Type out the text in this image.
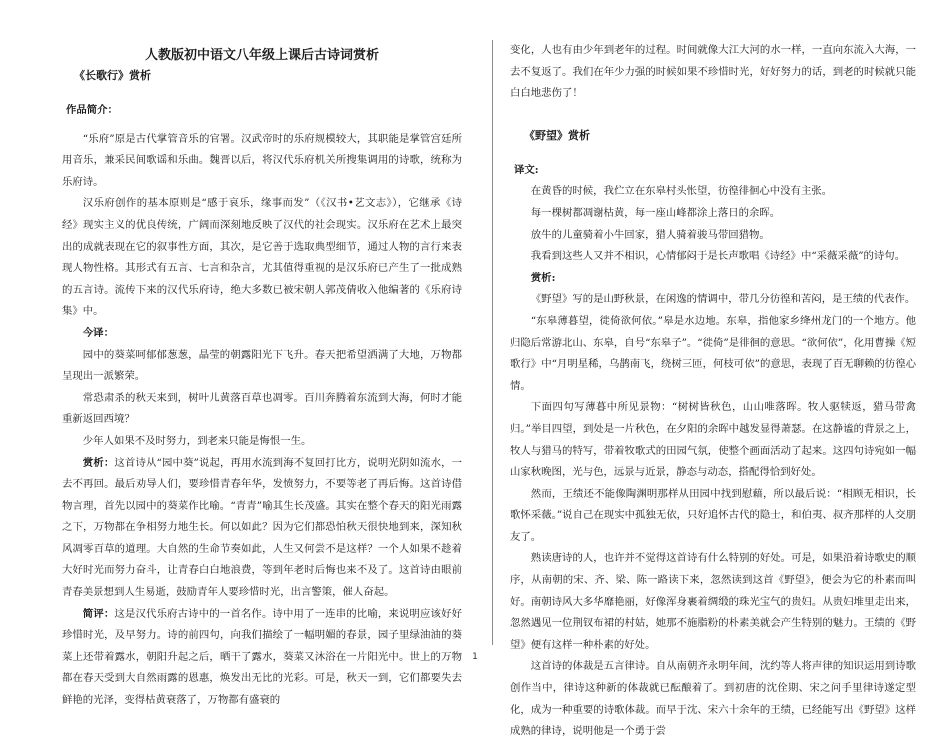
人教版初中语文八年级上课后古诗词赏析
《长歌行》赏析
作品简介：

“乐府”原是古代掌管音乐的官署。汉武帝时的乐府规模较大，其职能是掌管宫廷所用音乐，兼采民间歌谣和乐曲。魏晋以后，将汉代乐府机关所搜集调用的诗歌，统称为乐府诗。

汉乐府创作的基本原则是“感于哀乐，缘事而发”（《汉书•艺文志》），它继承《诗经》现实主义的优良传统，广阔而深刻地反映了汉代的社会现实。汉乐府在艺术上最突出的成就表现在它的叙事性方面，其次，是它善于选取典型细节，通过人物的言行来表现人物性格。其形式有五言、七言和杂言，尤其值得重视的是汉乐府已产生了一批成熟的五言诗。流传下来的汉代乐府诗，绝大多数已被宋朝人郭茂倩收入他编著的《乐府诗集》中。

今译：

园中的葵菜呵郁郁葱葱，晶莹的朝露阳光下飞升。春天把希望洒满了大地，万物都呈现出一派繁荣。

常恐肃杀的秋天来到，树叶儿黄落百草也凋零。百川奔腾着东流到大海，何时才能重新返回西境？

少年人如果不及时努力，到老来只能是悔恨一生。

赏析：这首诗从“园中葵”说起，再用水流到海不复回打比方，说明光阴如流水，一去不再回。最后劝导人们，要珍惜青春年华，发愤努力，不要等老了再后悔。这首诗借物言理，首先以园中的葵菜作比喻。“青青”喻其生长茂盛。其实在整个春天的阳光雨露之下，万物都在争相努力地生长。何以如此？因为它们都恐怕秋天很快地到来，深知秋风凋零百草的道理。大自然的生命节奏如此，人生又何尝不是这样？一个人如果不趁着大好时光而努力奋斗，让青春白白地浪费，等到年老时后悔也来不及了。这首诗由眼前青春美景想到人生易逝，鼓励青年人要珍惜时光，出言警策，催人奋起。

简评：这是汉代乐府古诗中的一首名作。诗中用了一连串的比喻，来说明应该好好珍惜时光，及早努力。诗的前四句，向我们描绘了一幅明媚的春景，园子里绿油油的葵菜上还带着露水，朝阳升起之后，晒干了露水，葵菜又沐浴在一片阳光中。世上的万物都在春天受到大自然雨露的恩惠，焕发出无比的光彩。可是，秋天一到，它们都要失去鲜艳的光泽，变得枯黄衰落了，万物都有盛衰的

变化，人也有由少年到老年的过程。时间就像大江大河的水一样，一直向东流入大海，一去不复返了。我们在年少力强的时候如果不珍惜时光，好好努力的话，到老的时候就只能白白地悲伤了！

《野望》赏析
译文:

在黄昏的时候，我伫立在东皋村头怅望，彷徨徘徊心中没有主张。

每一棵树都凋谢枯黄，每一座山峰都涂上落日的余晖。

放牛的儿童骑着小牛回家，猎人骑着骏马带回猎物。

我看到这些人又并不相识，心情郁闷于是长声歌唱《诗经》中“采薇采薇”的诗句。

赏析:

《野望》写的是山野秋景，在闲逸的情调中，带几分彷徨和苦闷，是王绩的代表作。

“东皋薄暮望，徙倚欲何依。”皋是水边地。东皋，指他家乡绛州龙门的一个地方。他归隐后常游北山、东皋，自号“东皋子”。“徙倚”是徘徊的意思。“欲何依”，化用曹操《短歌行》中“月明星稀，乌鹊南飞，绕树三匝，何枝可依”的意思，表现了百无聊赖的彷徨心情。

下面四句写薄暮中所见景物：“树树皆秋色，山山唯落晖。牧人驱犊返，猎马带禽归。”举目四望，到处是一片秋色，在夕阳的余晖中越发显得萧瑟。在这静谧的背景之上，牧人与猎马的特写，带着牧歌式的田园气氛，使整个画面活动了起来。这四句诗宛如一幅山家秋晚图，光与色，远景与近景，静态与动态，搭配得恰到好处。

然而，王绩还不能像陶渊明那样从田园中找到慰藉，所以最后说：“相顾无相识，长歌怀采薇。”说自己在现实中孤独无依，只好追怀古代的隐士，和伯夷、叔齐那样的人交朋友了。

熟读唐诗的人，也许并不觉得这首诗有什么特别的好处。可是，如果沿着诗歌史的顺序，从南朝的宋、齐、梁、陈一路读下来，忽然读到这首《野望》，便会为它的朴素而叫好。南朝诗风大多华靡艳丽，好像浑身裹着绸缎的珠光宝气的贵妇。从贵妇堆里走出来，忽然遇见一位荆钗布裙的村姑，她那不施脂粉的朴素美就会产生特别的魅力。王绩的《野望》便有这样一种朴素的好处。

这首诗的体裁是五言律诗。自从南朝齐永明年间，沈约等人将声律的知识运用到诗歌创作当中，律诗这种新的体裁就已酝酿着了。到初唐的沈佺期、宋之问手里律诗遂定型化，成为一种重要的诗歌体裁。而早于沈、宋六十余年的王绩，已经能写出《野望》这样成熟的律诗，说明他是一个勇于尝

1
